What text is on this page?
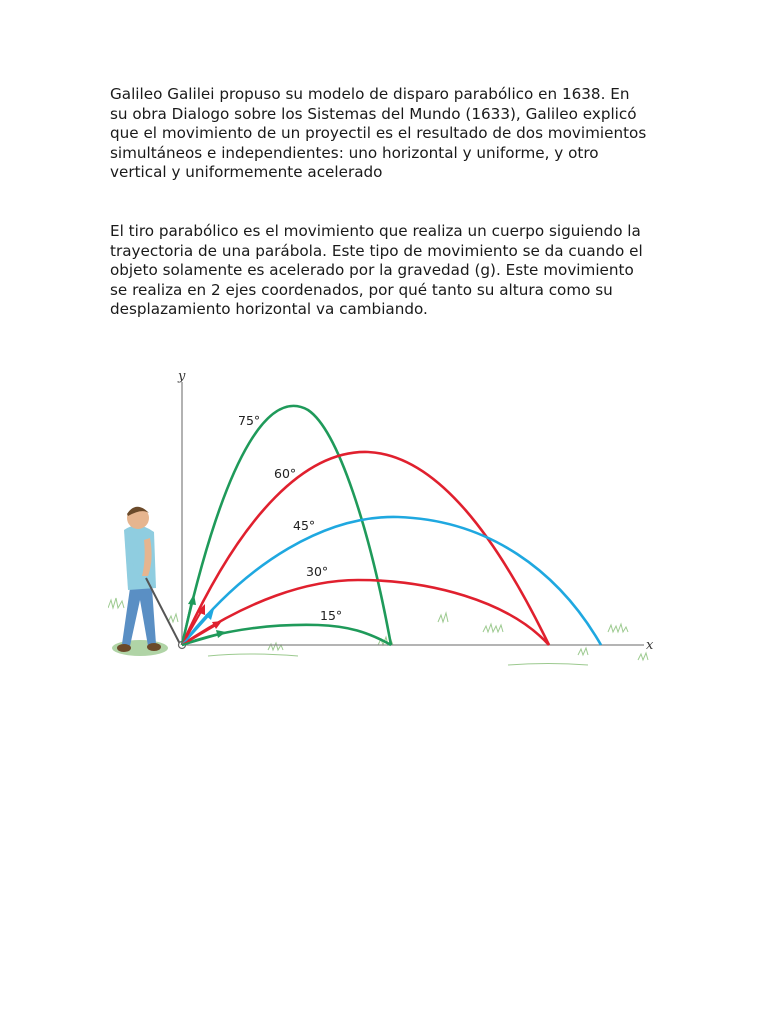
Galileo Galilei propuso su modelo de disparo parabólico en 1638. En
su obra Dialogo sobre los Sistemas del Mundo (1633), Galileo explicó
que el movimiento de un proyectil es el resultado de dos movimientos
simultáneos e independientes: uno horizontal y uniforme, y otro
vertical y uniformemente acelerado
El tiro parabólico es el movimiento que realiza un cuerpo siguiendo la
trayectoria de una parábola. Este tipo de movimiento se da cuando el
objeto solamente es acelerado por la gravedad (g). Este movimiento
se realiza en 2 ejes coordenados, por qué tanto su altura como su
desplazamiento horizontal va cambiando.
y
x
75°
60°
45°
30°
15°
